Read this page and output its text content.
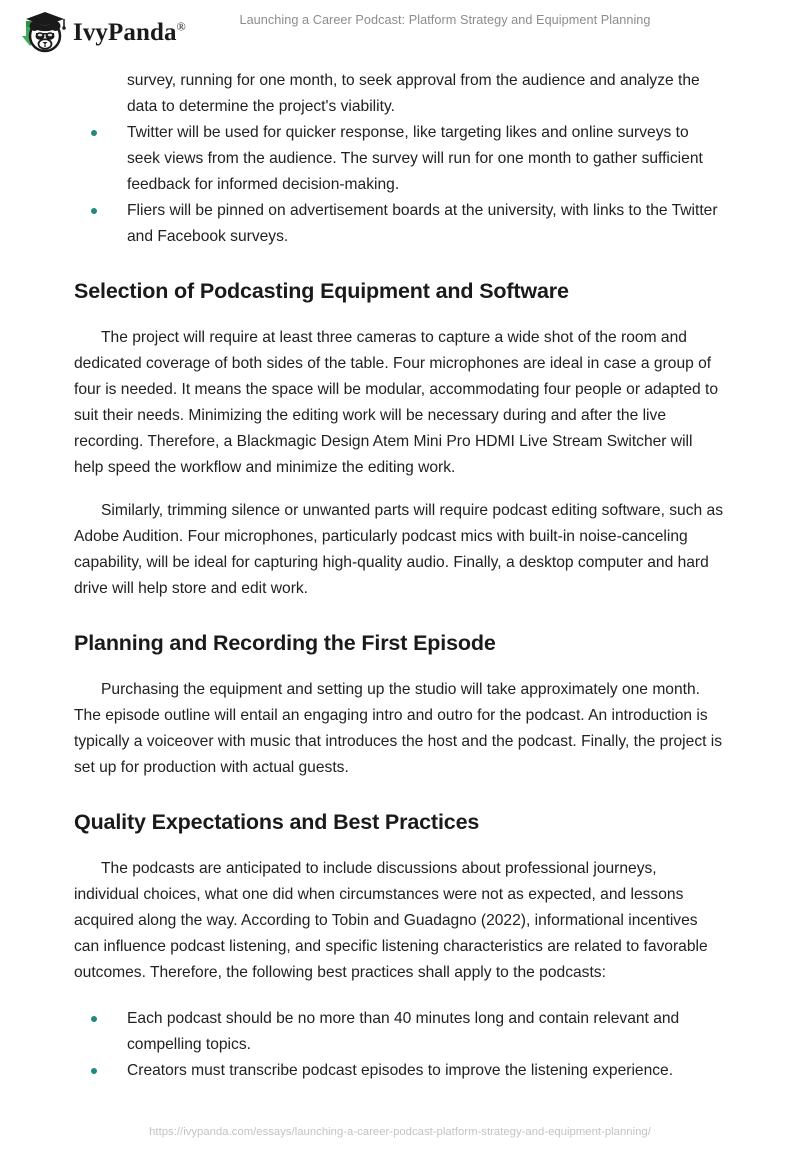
IvyPanda®	Launching a Career Podcast: Platform Strategy and Equipment Planning
survey, running for one month, to seek approval from the audience and analyze the data to determine the project's viability.
Twitter will be used for quicker response, like targeting likes and online surveys to seek views from the audience. The survey will run for one month to gather sufficient feedback for informed decision-making.
Fliers will be pinned on advertisement boards at the university, with links to the Twitter and Facebook surveys.
Selection of Podcasting Equipment and Software

The project will require at least three cameras to capture a wide shot of the room and dedicated coverage of both sides of the table. Four microphones are ideal in case a group of four is needed. It means the space will be modular, accommodating four people or adapted to suit their needs. Minimizing the editing work will be necessary during and after the live recording. Therefore, a Blackmagic Design Atem Mini Pro HDMI Live Stream Switcher will help speed the workflow and minimize the editing work.

Similarly, trimming silence or unwanted parts will require podcast editing software, such as Adobe Audition. Four microphones, particularly podcast mics with built-in noise-canceling capability, will be ideal for capturing high-quality audio. Finally, a desktop computer and hard drive will help store and edit work.

Planning and Recording the First Episode

Purchasing the equipment and setting up the studio will take approximately one month. The episode outline will entail an engaging intro and outro for the podcast. An introduction is typically a voiceover with music that introduces the host and the podcast. Finally, the project is set up for production with actual guests.

Quality Expectations and Best Practices

The podcasts are anticipated to include discussions about professional journeys, individual choices, what one did when circumstances were not as expected, and lessons acquired along the way. According to Tobin and Guadagno (2022), informational incentives can influence podcast listening, and specific listening characteristics are related to favorable outcomes. Therefore, the following best practices shall apply to the podcasts:

Each podcast should be no more than 40 minutes long and contain relevant and compelling topics.
Creators must transcribe podcast episodes to improve the listening experience.
https://ivypanda.com/essays/launching-a-career-podcast-platform-strategy-and-equipment-planning/
